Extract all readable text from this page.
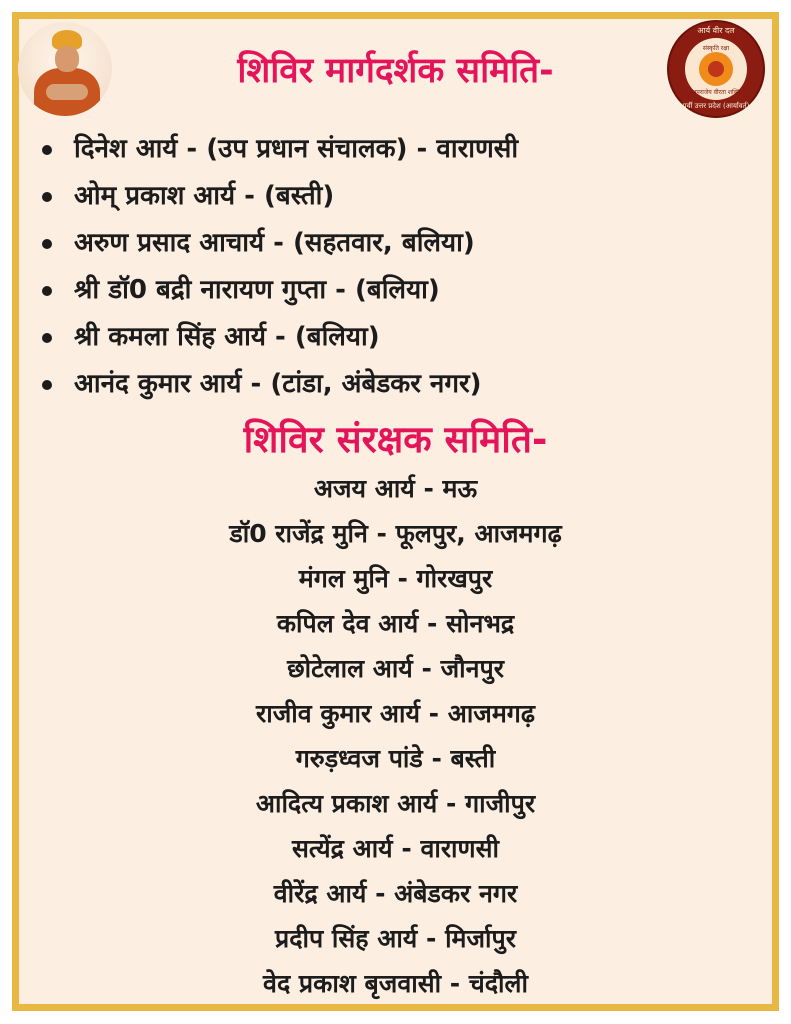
आर्य वीर दल
संस्कृति रक्षा
अपराजेय वीरता शक्ति
पूर्वी उत्तर प्रदेश (आर्यावर्त)
शिविर मार्गदर्शक समिति-
दिनेश आर्य - (उप प्रधान संचालक) - वाराणसी
ओम् प्रकाश आर्य - (बस्ती)
अरुण प्रसाद आचार्य - (सहतवार, बलिया)
श्री डॉ0 बद्री नारायण गुप्ता - (बलिया)
श्री कमला सिंह आर्य - (बलिया)
आनंद कुमार आर्य - (टांडा, अंबेडकर नगर)
शिविर संरक्षक समिति-
अजय आर्य - मऊ
डॉ0 राजेंद्र मुनि - फूलपुर, आजमगढ़
मंगल मुनि - गोरखपुर
कपिल देव आर्य - सोनभद्र
छोटेलाल आर्य - जौनपुर
राजीव कुमार आर्य - आजमगढ़
गरुड़ध्वज पांडे - बस्ती
आदित्य प्रकाश आर्य - गाजीपुर
सत्येंद्र आर्य - वाराणसी
वीरेंद्र आर्य - अंबेडकर नगर
प्रदीप सिंह आर्य - मिर्जापुर
वेद प्रकाश बृजवासी - चंदौली
